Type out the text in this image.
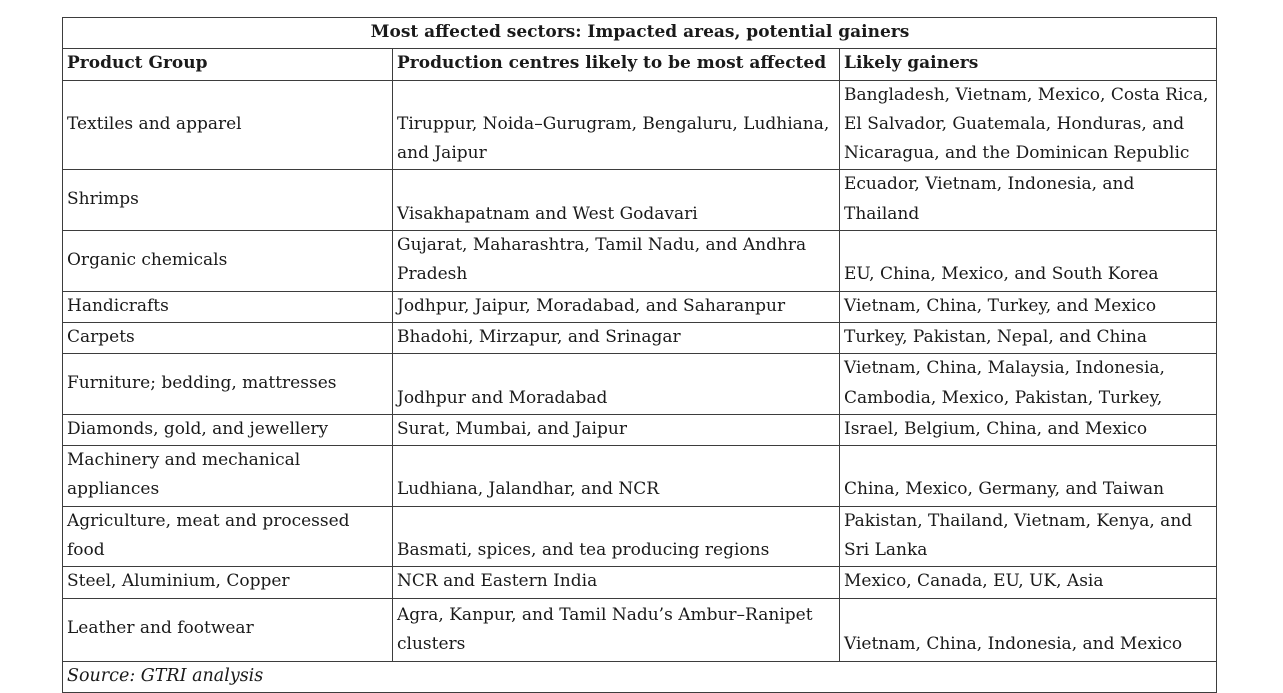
Most affected sectors: Impacted areas, potential gainers		
Product Group	Production centres likely to be most affected	Likely gainers
Textiles and apparel	Tiruppur, Noida–Gurugram, Bengaluru, Ludhiana, and Jaipur	Bangladesh, Vietnam, Mexico, Costa Rica, El Salvador, Guatemala, Honduras, and Nicaragua, and the Dominican Republic
Shrimps	Visakhapatnam and West Godavari	Ecuador, Vietnam, Indonesia, and Thailand
Organic chemicals	Gujarat, Maharashtra, Tamil Nadu, and Andhra Pradesh	EU, China, Mexico, and South Korea
Handicrafts	Jodhpur, Jaipur, Moradabad, and Saharanpur	Vietnam, China, Turkey, and Mexico
Carpets	Bhadohi, Mirzapur, and Srinagar	Turkey, Pakistan, Nepal, and China
Furniture; bedding, mattresses	Jodhpur and Moradabad	Vietnam, China, Malaysia, Indonesia, Cambodia, Mexico, Pakistan, Turkey,
Diamonds, gold, and jewellery	Surat, Mumbai, and Jaipur	Israel, Belgium, China, and Mexico
Machinery and mechanical appliances	Ludhiana, Jalandhar, and NCR	China, Mexico, Germany, and Taiwan
Agriculture, meat and processed food	Basmati, spices, and tea producing regions	Pakistan, Thailand, Vietnam, Kenya, and Sri Lanka
Steel, Aluminium, Copper	NCR and Eastern India	Mexico, Canada, EU, UK, Asia
Leather and footwear	Agra, Kanpur, and Tamil Nadu’s Ambur–Ranipet clusters	Vietnam, China, Indonesia, and Mexico
Source: GTRI analysis		
